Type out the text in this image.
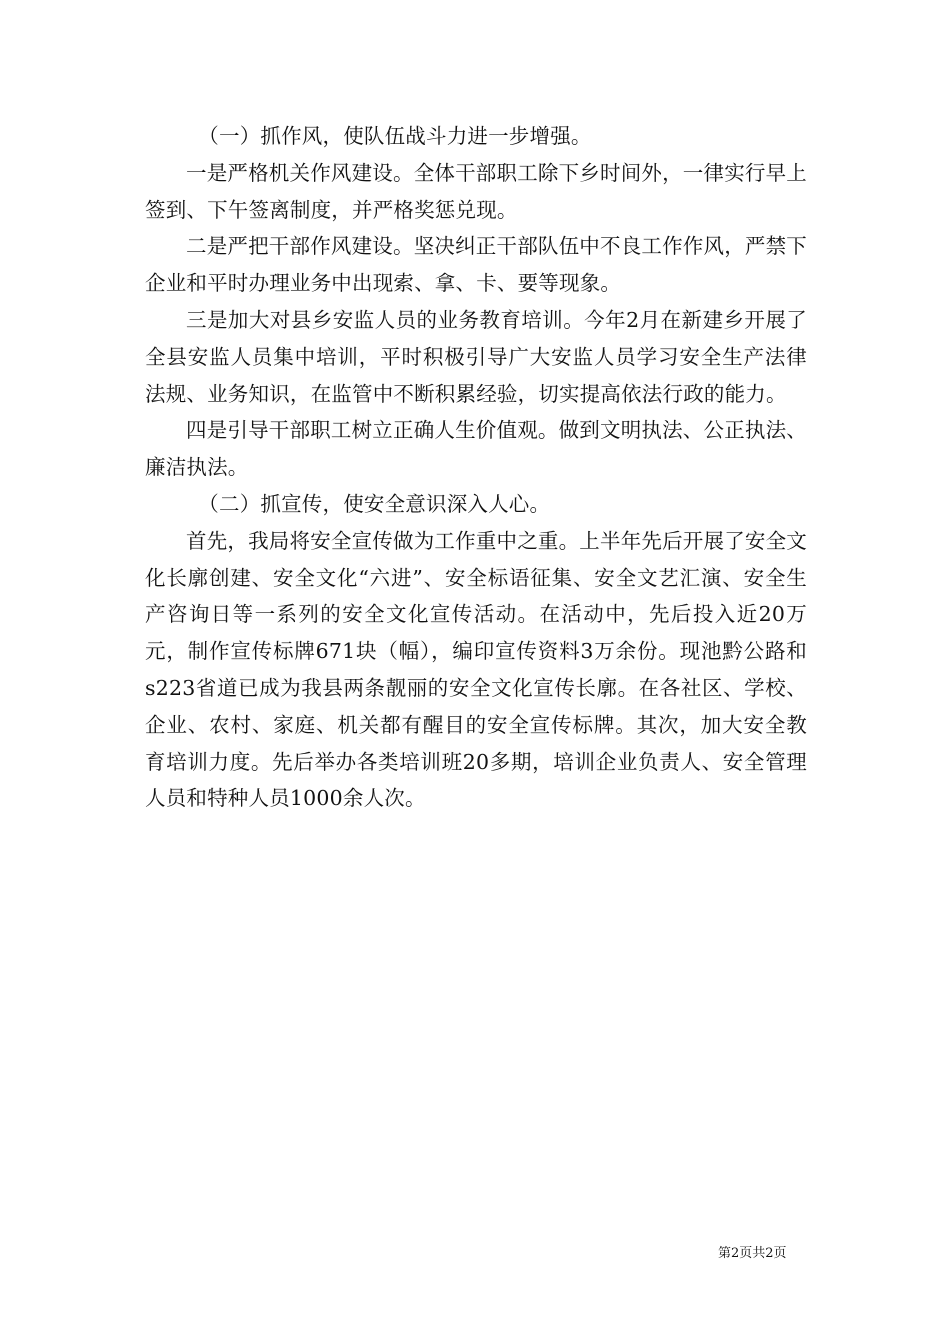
（一）抓作风，使队伍战斗力进一步增强。

一是严格机关作风建设。全体干部职工除下乡时间外，一律实行早上签到、下午签离制度，并严格奖惩兑现。

二是严把干部作风建设。坚决纠正干部队伍中不良工作作风，严禁下企业和平时办理业务中出现索、拿、卡、要等现象。

三是加大对县乡安监人员的业务教育培训。今年2月在新建乡开展了全县安监人员集中培训，平时积极引导广大安监人员学习安全生产法律法规、业务知识，在监管中不断积累经验，切实提高依法行政的能力。

四是引导干部职工树立正确人生价值观。做到文明执法、公正执法、廉洁执法。

（二）抓宣传，使安全意识深入人心。

首先，我局将安全宣传做为工作重中之重。上半年先后开展了安全文化长廓创建、安全文化“六进”、安全标语征集、安全文艺汇演、安全生产咨询日等一系列的安全文化宣传活动。在活动中，先后投入近20万元，制作宣传标牌671块（幅），编印宣传资料3万余份。现池黔公路和s223省道已成为我县两条靓丽的安全文化宣传长廓。在各社区、学校、企业、农村、家庭、机关都有醒目的安全宣传标牌。其次，加大安全教育培训力度。先后举办各类培训班20多期，培训企业负责人、安全管理人员和特种人员1000余人次。

第2页共2页
